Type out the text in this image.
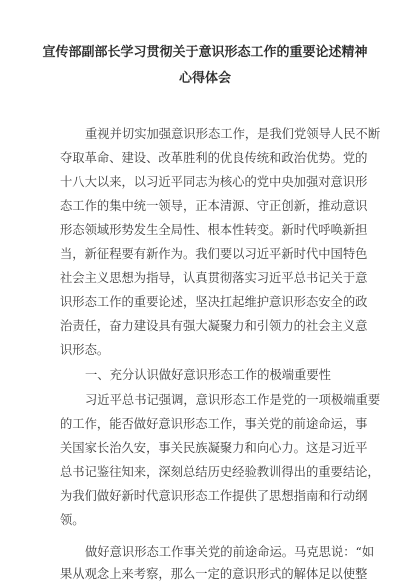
宣传部副部长学习贯彻关于意识形态工作的重要论述精神
心得体会
重视并切实加强意识形态工作，是我们党领导人民不断
夺取革命、建设、改革胜利的优良传统和政治优势。党的
十八大以来，以习近平同志为核心的党中央加强对意识形
态工作的集中统一领导，正本清源、守正创新，推动意识
形态领域形势发生全局性、根本性转变。新时代呼唤新担
当，新征程要有新作为。我们要以习近平新时代中国特色
社会主义思想为指导，认真贯彻落实习近平总书记关于意
识形态工作的重要论述，坚决扛起维护意识形态安全的政
治责任，奋力建设具有强大凝聚力和引领力的社会主义意
识形态。
一、充分认识做好意识形态工作的极端重要性
习近平总书记强调，意识形态工作是党的一项极端重要
的工作，能否做好意识形态工作，事关党的前途命运，事
关国家长治久安，事关民族凝聚力和向心力。这是习近平
总书记鉴往知来，深刻总结历史经验教训得出的重要结论，
为我们做好新时代意识形态工作提供了思想指南和行动纲
领。
做好意识形态工作事关党的前途命运。马克思说：“如
果从观念上来考察，那么一定的意识形式的解体足以使整
